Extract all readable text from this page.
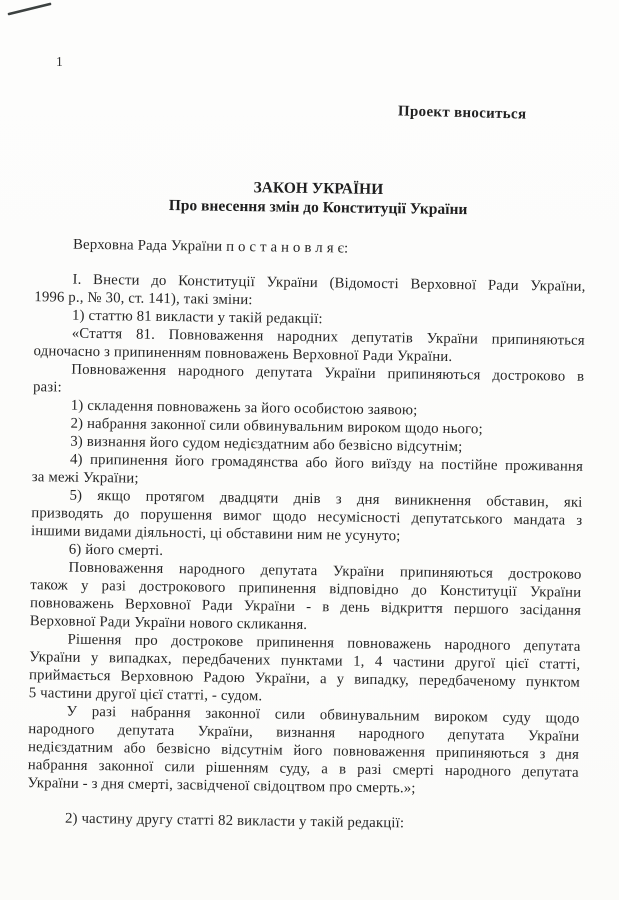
1
Проект вноситься
ЗАКОН УКРАЇНИ
Про внесення змін до Конституції України
Верховна Рада України п о с т а н о в л я є:
І. Внести до Конституції України (Відомості Верховної Ради України,
1996 р., № 30, ст. 141), такі зміни:
1) статтю 81 викласти у такій редакції:
«Стаття 81. Повноваження народних депутатів України припиняються
одночасно з припиненням повноважень Верховної Ради України.
Повноваження народного депутата України припиняються достроково в
разі:
1) складення повноважень за його особистою заявою;
2) набрання законної сили обвинувальним вироком щодо нього;
3) визнання його судом недієздатним або безвісно відсутнім;
4) припинення його громадянства або його виїзду на постійне проживання
за межі України;
5) якщо протягом двадцяти днів з дня виникнення обставин, які
призводять до порушення вимог щодо несумісності депутатського мандата з
іншими видами діяльності, ці обставини ним не усунуто;
6) його смерті.
Повноваження народного депутата України припиняються достроково
також у разі дострокового припинення відповідно до Конституції України
повноважень Верховної Ради України - в день відкриття першого засідання
Верховної Ради України нового скликання.
Рішення про дострокове припинення повноважень народного депутата
України у випадках, передбачених пунктами 1, 4 частини другої цієї статті,
приймається Верховною Радою України, а у випадку, передбаченому пунктом
5 частини другої цієї статті, - судом.
У разі набрання законної сили обвинувальним вироком суду щодо
народного депутата України, визнання народного депутата України
недієздатним або безвісно відсутнім його повноваження припиняються з дня
набрання законної сили рішенням суду, а в разі смерті народного депутата
України - з дня смерті, засвідченої свідоцтвом про смерть.»;
2) частину другу статті 82 викласти у такій редакції:
